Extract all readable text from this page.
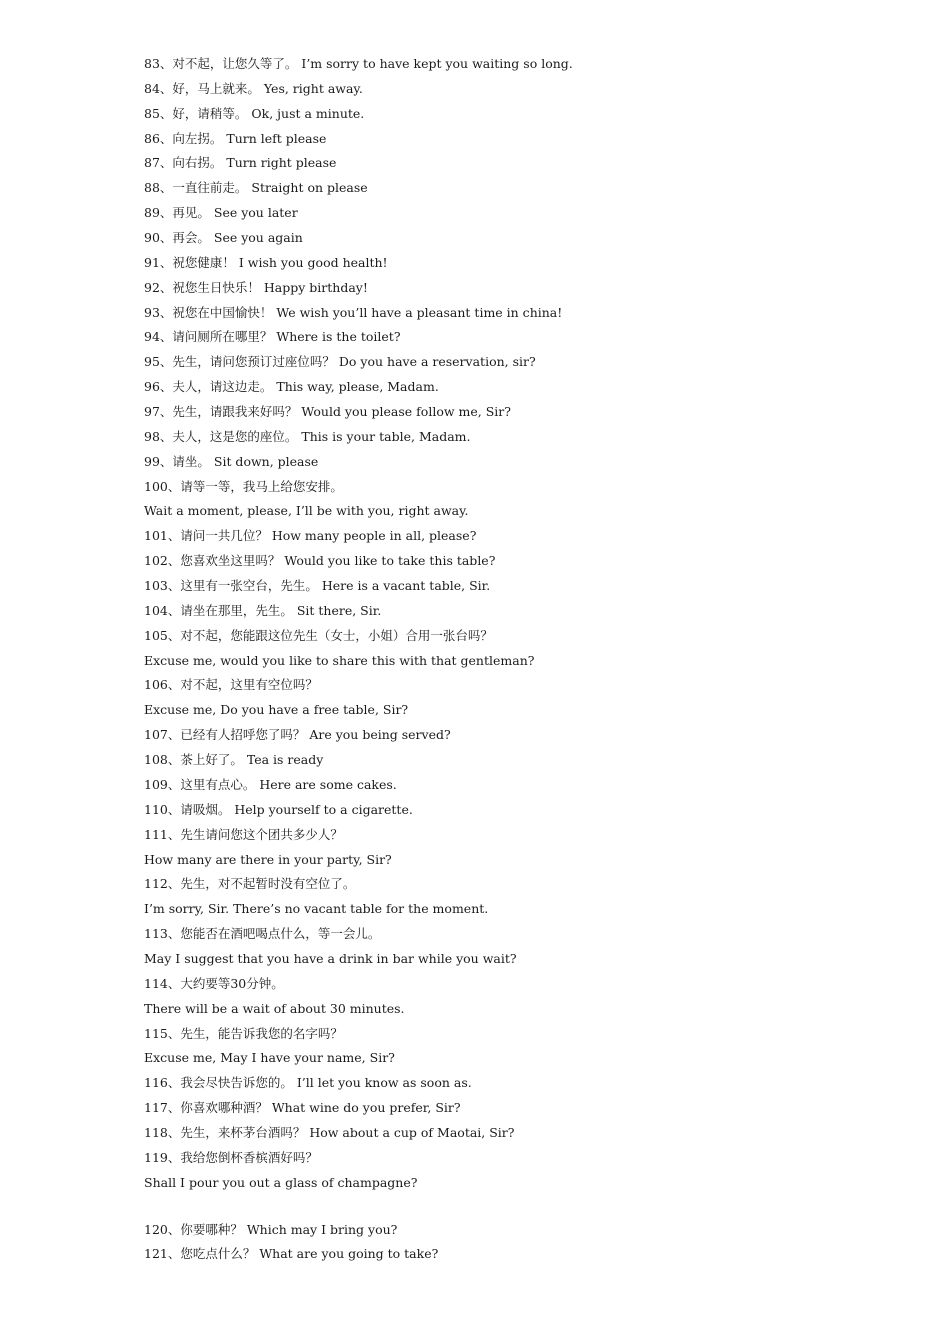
83、对不起，让您久等了。 I’m sorry to have kept you waiting so long.
84、好，马上就来。 Yes, right away.
85、好，请稍等。 Ok, just a minute.
86、向左拐。 Turn left please
87、向右拐。 Turn right please
88、一直往前走。 Straight on please
89、再见。 See you later
90、再会。 See you again
91、祝您健康！ I wish you good health!
92、祝您生日快乐！ Happy birthday!
93、祝您在中国愉快！ We wish you’ll have a pleasant time in china!
94、请问厕所在哪里？ Where is the toilet?
95、先生，请问您预订过座位吗？ Do you have a reservation, sir?
96、夫人，请这边走。 This way, please, Madam.
97、先生，请跟我来好吗？ Would you please follow me, Sir?
98、夫人，这是您的座位。 This is your table, Madam.
99、请坐。 Sit down, please
100、请等一等，我马上给您安排。
Wait a moment, please, I’ll be with you, right away.
101、请问一共几位？ How many people in all, please?
102、您喜欢坐这里吗？ Would you like to take this table?
103、这里有一张空台，先生。 Here is a vacant table, Sir.
104、请坐在那里，先生。 Sit there, Sir.
105、对不起，您能跟这位先生（女士，小姐）合用一张台吗？
Excuse me, would you like to share this with that gentleman?
106、对不起，这里有空位吗？
Excuse me, Do you have a free table, Sir?
107、已经有人招呼您了吗？ Are you being served?
108、茶上好了。 Tea is ready
109、这里有点心。 Here are some cakes.
110、请吸烟。 Help yourself to a cigarette.
111、先生请问您这个团共多少人？
How many are there in your party, Sir?
112、先生，对不起暂时没有空位了。
I’m sorry, Sir. There’s no vacant table for the moment.
113、您能否在酒吧喝点什么，等一会儿。
May I suggest that you have a drink in bar while you wait?
114、大约要等30分钟。
There will be a wait of about 30 minutes.
115、先生，能告诉我您的名字吗？
Excuse me, May I have your name, Sir?
116、我会尽快告诉您的。 I’ll let you know as soon as.
117、你喜欢哪种酒？ What wine do you prefer, Sir?
118、先生，来杯茅台酒吗？ How about a cup of Maotai, Sir?
119、我给您倒杯香槟酒好吗？
Shall I pour you out a glass of champagne?
120、你要哪种？ Which may I bring you?
121、您吃点什么？ What are you going to take?
